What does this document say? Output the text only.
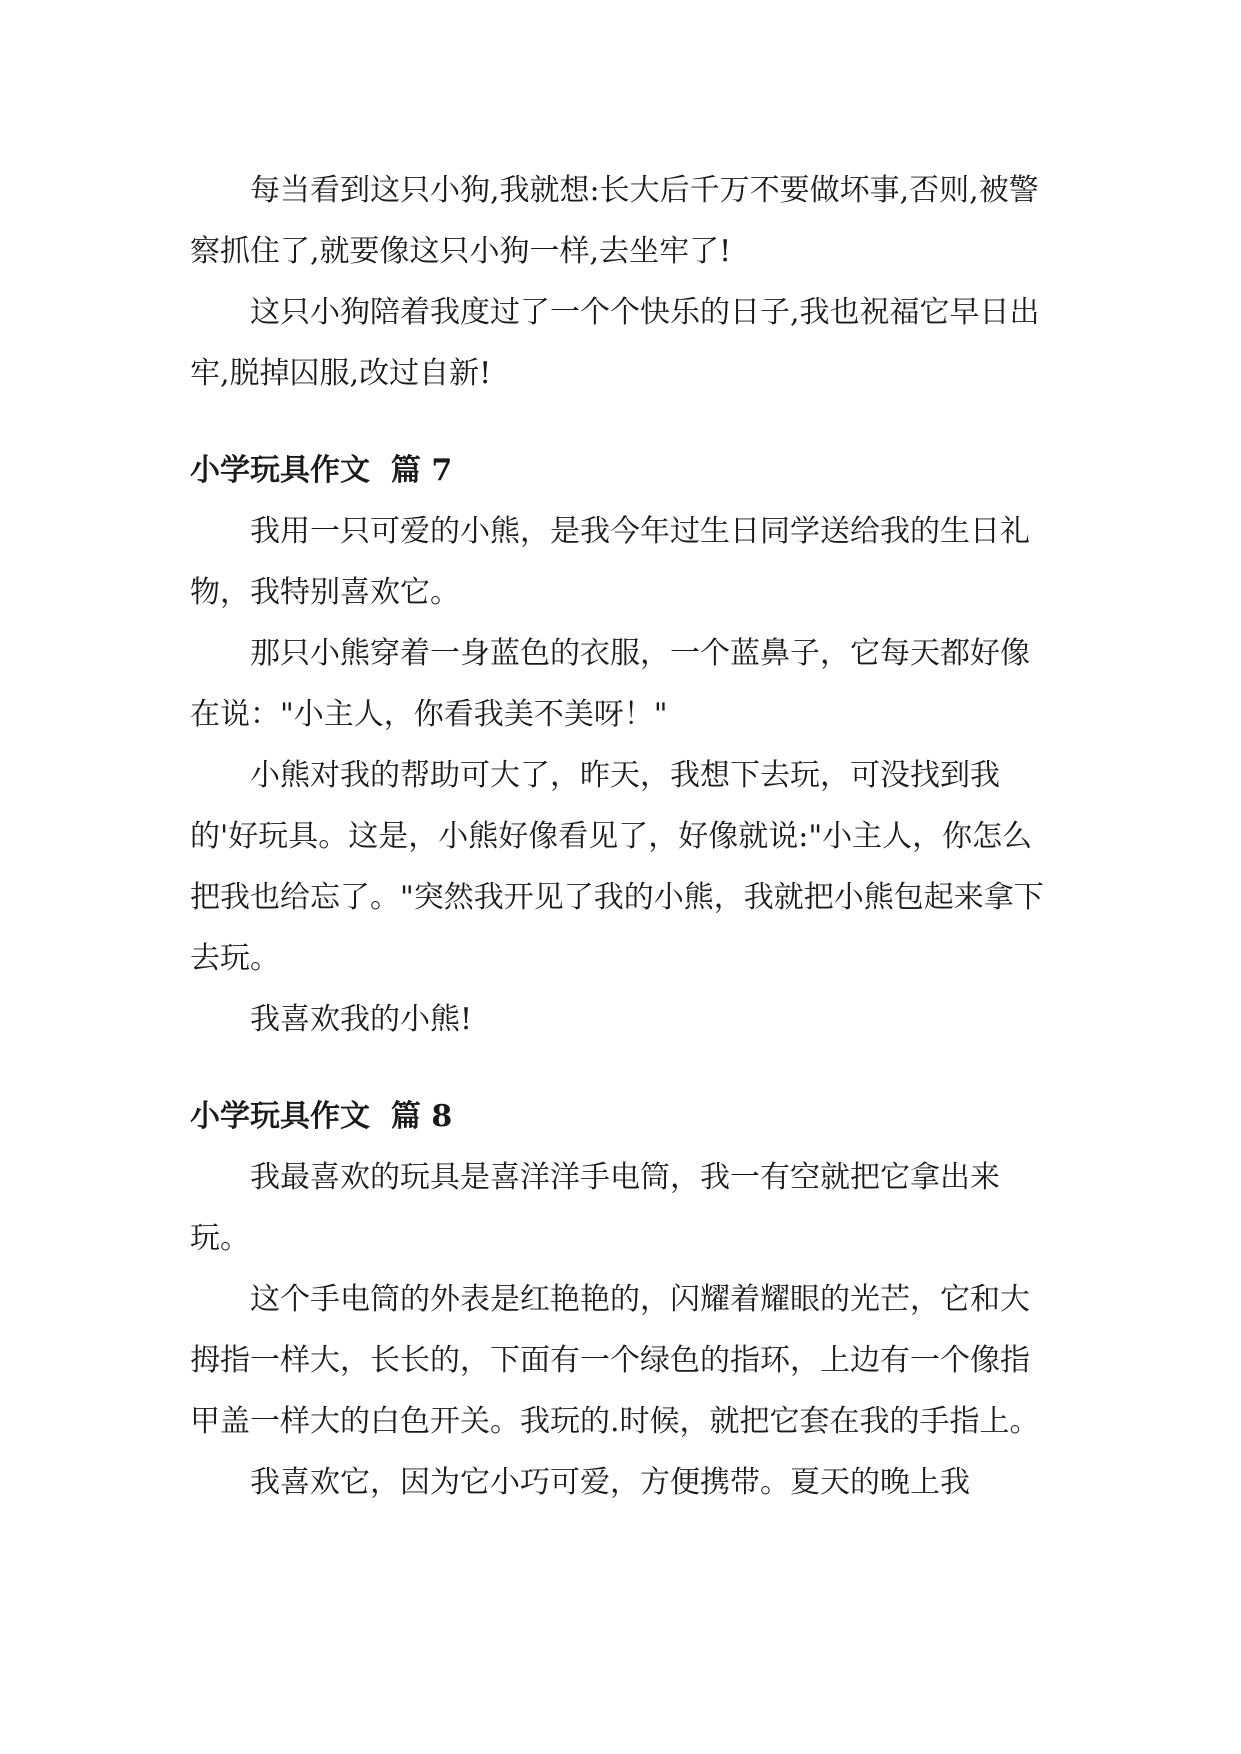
每当看到这只小狗,我就想:长大后千万不要做坏事,否则,被警察抓住了,就要像这只小狗一样,去坐牢了!

这只小狗陪着我度过了一个个快乐的日子,我也祝福它早日出牢,脱掉囚服,改过自新!

小学玩具作文  篇 7

我用一只可爱的小熊，是我今年过生日同学送给我的生日礼物，我特别喜欢它。

那只小熊穿着一身蓝色的衣服，一个蓝鼻子，它每天都好像在说："小主人，你看我美不美呀！"

小熊对我的帮助可大了，昨天，我想下去玩，可没找到我的'好玩具。这是，小熊好像看见了，好像就说:"小主人，你怎么把我也给忘了。"突然我开见了我的小熊，我就把小熊包起来拿下去玩。

我喜欢我的小熊!

小学玩具作文  篇 8

我最喜欢的玩具是喜洋洋手电筒，我一有空就把它拿出来玩。

这个手电筒的外表是红艳艳的，闪耀着耀眼的光芒，它和大拇指一样大，长长的，下面有一个绿色的指环，上边有一个像指甲盖一样大的白色开关。我玩的.时候，就把它套在我的手指上。

我喜欢它，因为它小巧可爱，方便携带。夏天的晚上我
